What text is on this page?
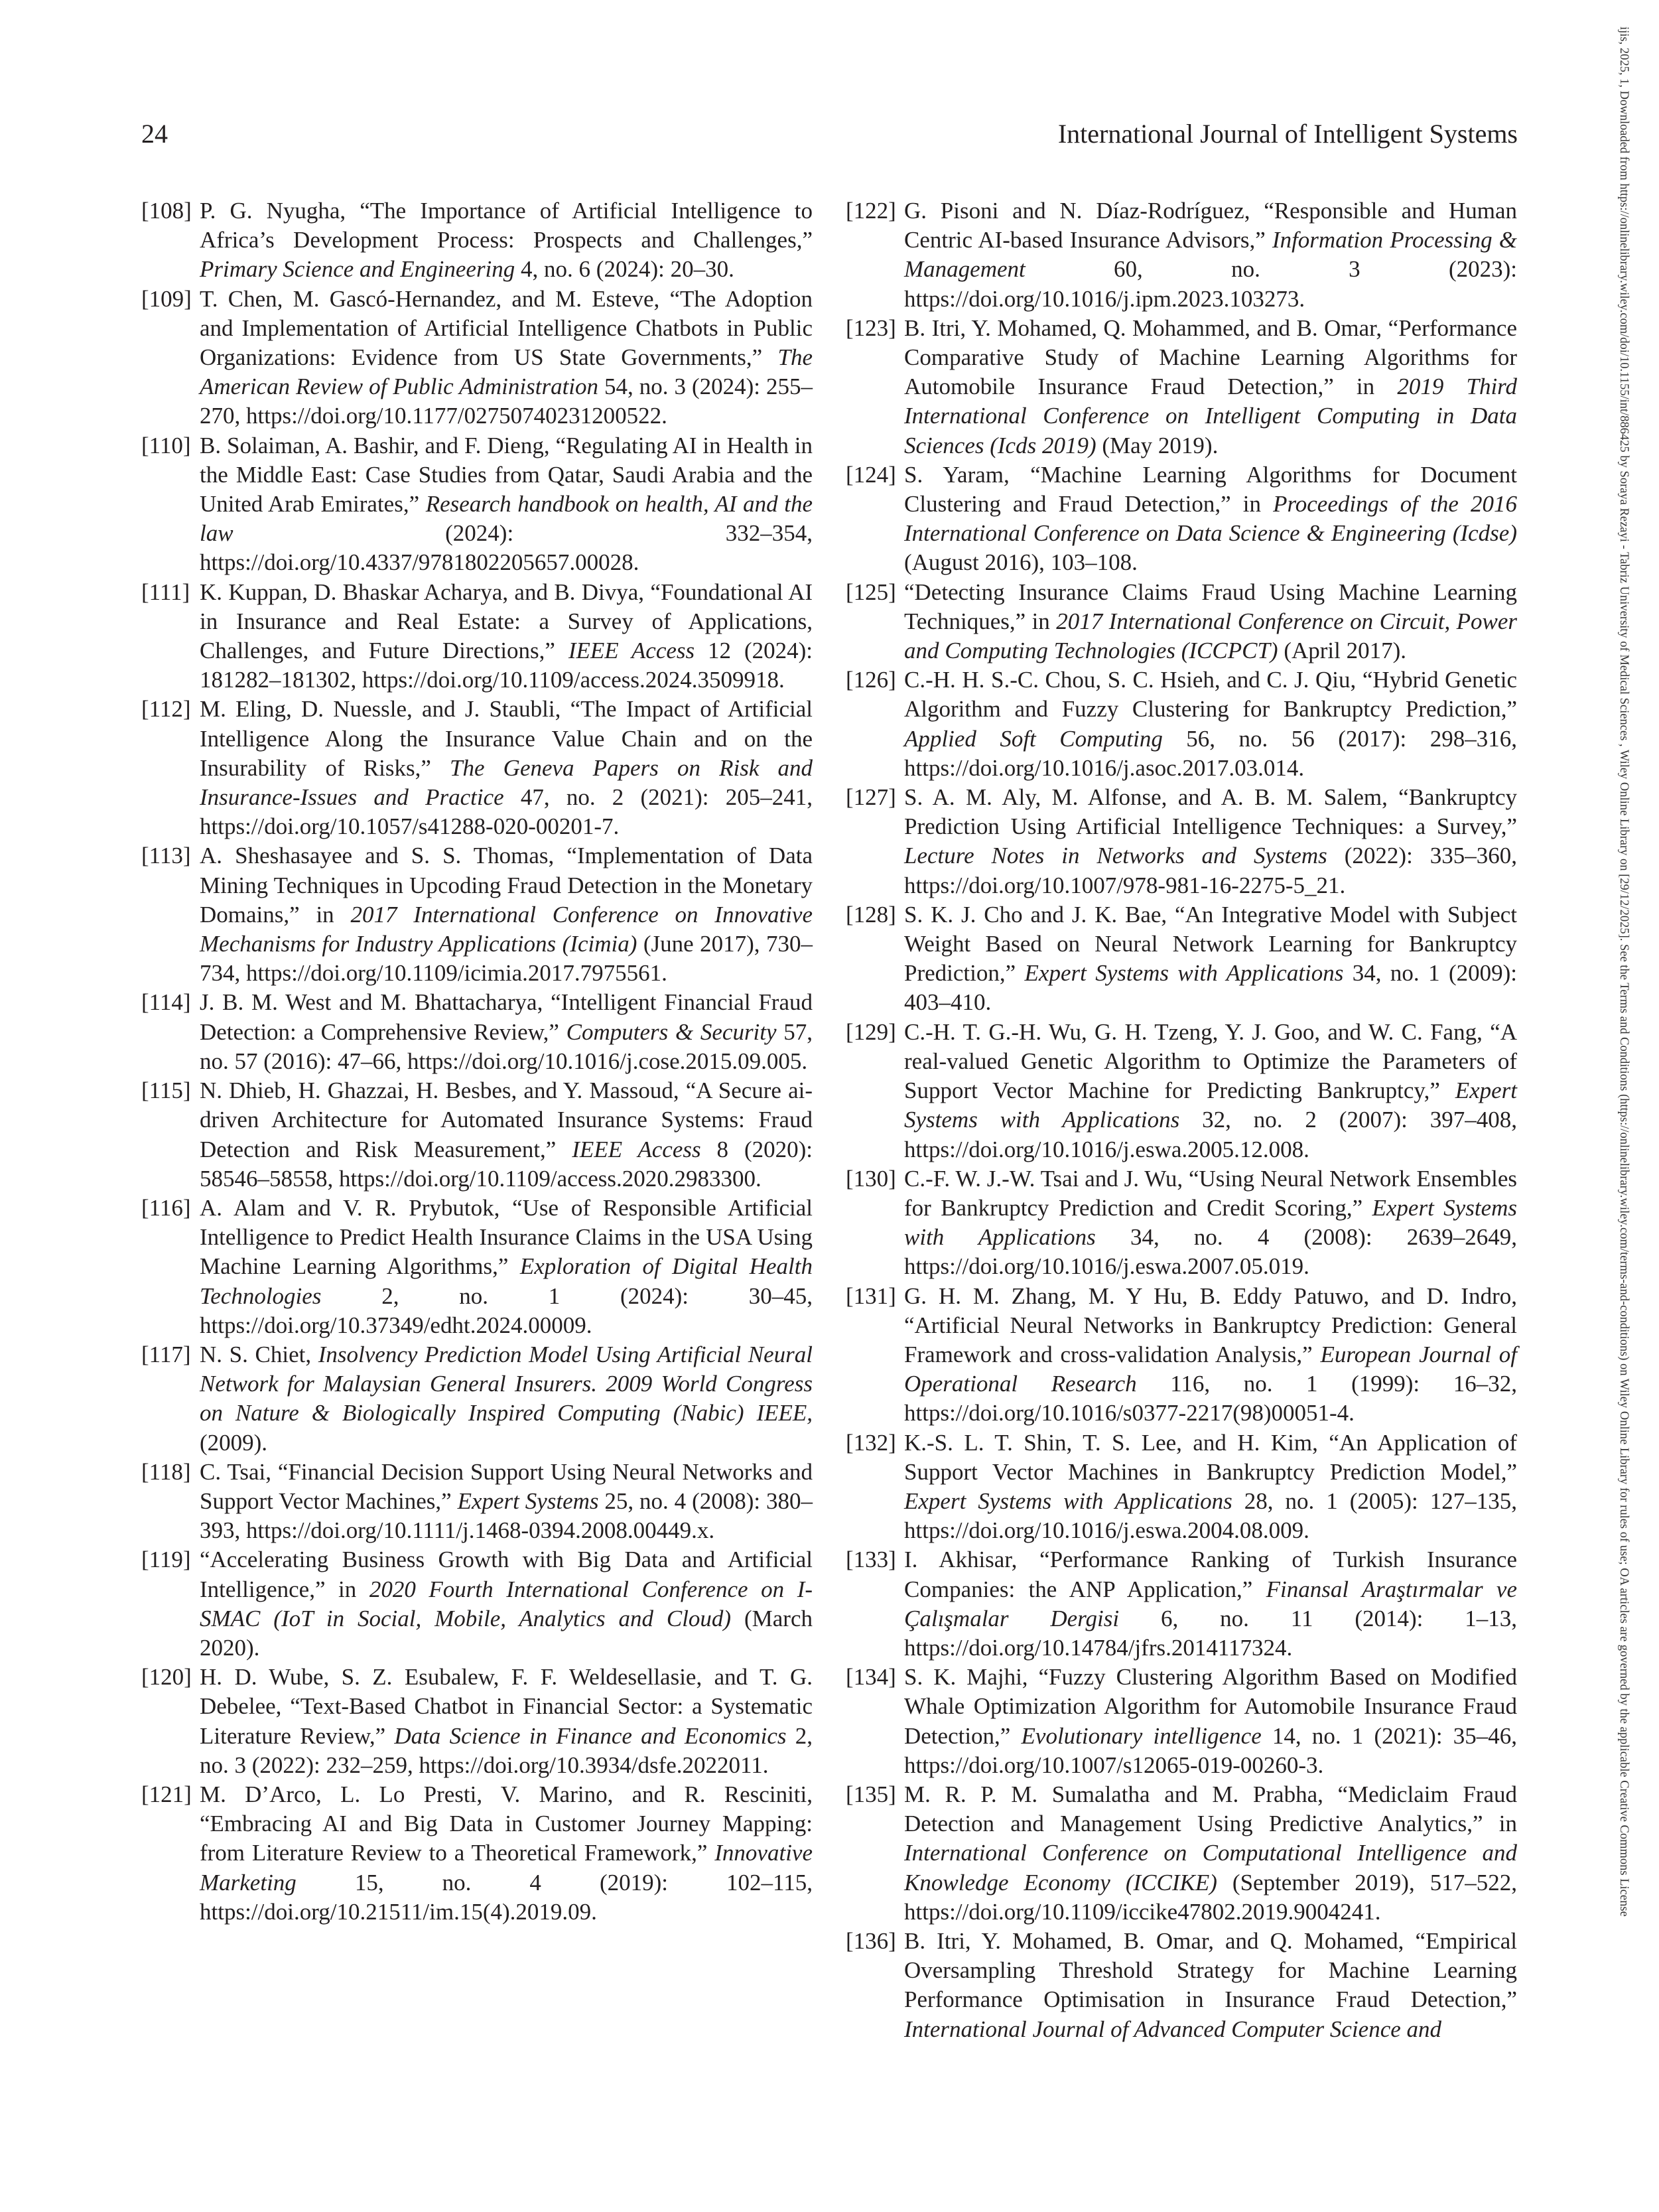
24	International Journal of Intelligent Systems
[108] P. G. Nyugha, “The Importance of Artificial Intelligence to Africa’s Development Process: Prospects and Challenges,” Primary Science and Engineering 4, no. 6 (2024): 20–30.
[109] T. Chen, M. Gascó-Hernandez, and M. Esteve, “The Adoption and Implementation of Artificial Intelligence Chatbots in Public Organizations: Evidence from US State Governments,” The American Review of Public Administration 54, no. 3 (2024): 255–270, https://doi.org/10.1177/02750740231200522.
[110] B. Solaiman, A. Bashir, and F. Dieng, “Regulating AI in Health in the Middle East: Case Studies from Qatar, Saudi Arabia and the United Arab Emirates,” Research handbook on health, AI and the law (2024): 332–354, https://doi.org/10.4337/9781802205657.00028.
[111] K. Kuppan, D. Bhaskar Acharya, and B. Divya, “Foundational AI in Insurance and Real Estate: a Survey of Applications, Challenges, and Future Directions,” IEEE Access 12 (2024): 181282–181302, https://doi.org/10.1109/access.2024.3509918.
[112] M. Eling, D. Nuessle, and J. Staubli, “The Impact of Artificial Intelligence Along the Insurance Value Chain and on the Insurability of Risks,” The Geneva Papers on Risk and Insurance-Issues and Practice 47, no. 2 (2021): 205–241, https://doi.org/10.1057/s41288-020-00201-7.
[113] A. Sheshasayee and S. S. Thomas, “Implementation of Data Mining Techniques in Upcoding Fraud Detection in the Monetary Domains,” in 2017 International Conference on Innovative Mechanisms for Industry Applications (Icimia) (June 2017), 730–734, https://doi.org/10.1109/icimia.2017.7975561.
[114] J. B. M. West and M. Bhattacharya, “Intelligent Financial Fraud Detection: a Comprehensive Review,” Computers & Security 57, no. 57 (2016): 47–66, https://doi.org/10.1016/j.cose.2015.09.005.
[115] N. Dhieb, H. Ghazzai, H. Besbes, and Y. Massoud, “A Secure ai-driven Architecture for Automated Insurance Systems: Fraud Detection and Risk Measurement,” IEEE Access 8 (2020): 58546–58558, https://doi.org/10.1109/access.2020.2983300.
[116] A. Alam and V. R. Prybutok, “Use of Responsible Artificial Intelligence to Predict Health Insurance Claims in the USA Using Machine Learning Algorithms,” Exploration of Digital Health Technologies 2, no. 1 (2024): 30–45, https://doi.org/10.37349/edht.2024.00009.
[117] N. S. Chiet, Insolvency Prediction Model Using Artificial Neural Network for Malaysian General Insurers. 2009 World Congress on Nature & Biologically Inspired Computing (Nabic) IEEE, (2009).
[118] C. Tsai, “Financial Decision Support Using Neural Networks and Support Vector Machines,” Expert Systems 25, no. 4 (2008): 380–393, https://doi.org/10.1111/j.1468-0394.2008.00449.x.
[119] “Accelerating Business Growth with Big Data and Artificial Intelligence,” in 2020 Fourth International Conference on I-SMAC (IoT in Social, Mobile, Analytics and Cloud) (March 2020).
[120] H. D. Wube, S. Z. Esubalew, F. F. Weldesellasie, and T. G. Debelee, “Text-Based Chatbot in Financial Sector: a Systematic Literature Review,” Data Science in Finance and Economics 2, no. 3 (2022): 232–259, https://doi.org/10.3934/dsfe.2022011.
[121] M. D’Arco, L. Lo Presti, V. Marino, and R. Resciniti, “Embracing AI and Big Data in Customer Journey Mapping: from Literature Review to a Theoretical Framework,” Innovative Marketing 15, no. 4 (2019): 102–115, https://doi.org/10.21511/im.15(4).2019.09.
[122] G. Pisoni and N. Díaz-Rodríguez, “Responsible and Human Centric AI-based Insurance Advisors,” Information Processing & Management 60, no. 3 (2023): https://doi.org/10.1016/j.ipm.2023.103273.
[123] B. Itri, Y. Mohamed, Q. Mohammed, and B. Omar, “Performance Comparative Study of Machine Learning Algorithms for Automobile Insurance Fraud Detection,” in 2019 Third International Conference on Intelligent Computing in Data Sciences (Icds 2019) (May 2019).
[124] S. Yaram, “Machine Learning Algorithms for Document Clustering and Fraud Detection,” in Proceedings of the 2016 International Conference on Data Science & Engineering (Icdse) (August 2016), 103–108.
[125] “Detecting Insurance Claims Fraud Using Machine Learning Techniques,” in 2017 International Conference on Circuit, Power and Computing Technologies (ICCPCT) (April 2017).
[126] C.-H. H. S.-C. Chou, S. C. Hsieh, and C. J. Qiu, “Hybrid Genetic Algorithm and Fuzzy Clustering for Bankruptcy Prediction,” Applied Soft Computing 56, no. 56 (2017): 298–316, https://doi.org/10.1016/j.asoc.2017.03.014.
[127] S. A. M. Aly, M. Alfonse, and A. B. M. Salem, “Bankruptcy Prediction Using Artificial Intelligence Techniques: a Survey,” Lecture Notes in Networks and Systems (2022): 335–360, https://doi.org/10.1007/978-981-16-2275-5_21.
[128] S. K. J. Cho and J. K. Bae, “An Integrative Model with Subject Weight Based on Neural Network Learning for Bankruptcy Prediction,” Expert Systems with Applications 34, no. 1 (2009): 403–410.
[129] C.-H. T. G.-H. Wu, G. H. Tzeng, Y. J. Goo, and W. C. Fang, “A real-valued Genetic Algorithm to Optimize the Parameters of Support Vector Machine for Predicting Bankruptcy,” Expert Systems with Applications 32, no. 2 (2007): 397–408, https://doi.org/10.1016/j.eswa.2005.12.008.
[130] C.-F. W. J.-W. Tsai and J. Wu, “Using Neural Network Ensembles for Bankruptcy Prediction and Credit Scoring,” Expert Systems with Applications 34, no. 4 (2008): 2639–2649, https://doi.org/10.1016/j.eswa.2007.05.019.
[131] G. H. M. Zhang, M. Y Hu, B. Eddy Patuwo, and D. Indro, “Artificial Neural Networks in Bankruptcy Prediction: General Framework and cross-validation Analysis,” European Journal of Operational Research 116, no. 1 (1999): 16–32, https://doi.org/10.1016/s0377-2217(98)00051-4.
[132] K.-S. L. T. Shin, T. S. Lee, and H. Kim, “An Application of Support Vector Machines in Bankruptcy Prediction Model,” Expert Systems with Applications 28, no. 1 (2005): 127–135, https://doi.org/10.1016/j.eswa.2004.08.009.
[133] I. Akhisar, “Performance Ranking of Turkish Insurance Companies: the ANP Application,” Finansal Araştırmalar ve Çalışmalar Dergisi 6, no. 11 (2014): 1–13, https://doi.org/10.14784/jfrs.2014117324.
[134] S. K. Majhi, “Fuzzy Clustering Algorithm Based on Modified Whale Optimization Algorithm for Automobile Insurance Fraud Detection,” Evolutionary intelligence 14, no. 1 (2021): 35–46, https://doi.org/10.1007/s12065-019-00260-3.
[135] M. R. P. M. Sumalatha and M. Prabha, “Mediclaim Fraud Detection and Management Using Predictive Analytics,” in International Conference on Computational Intelligence and Knowledge Economy (ICCIKE) (September 2019), 517–522, https://doi.org/10.1109/iccike47802.2019.9004241.
[136] B. Itri, Y. Mohamed, B. Omar, and Q. Mohamed, “Empirical Oversampling Threshold Strategy for Machine Learning Performance Optimisation in Insurance Fraud Detection,” International Journal of Advanced Computer Science and
ijis, 2025, 1, Downloaded from https://onlinelibrary.wiley.com/doi/10.1155/int/886425 by Soraya Rezayi - Tabriz University of Medical Sciences , Wiley Online Library on [29/12/2025]. See the Terms and Conditions (https://onlinelibrary.wiley.com/terms-and-conditions) on Wiley Online Library for rules of use; OA articles are governed by the applicable Creative Commons License
